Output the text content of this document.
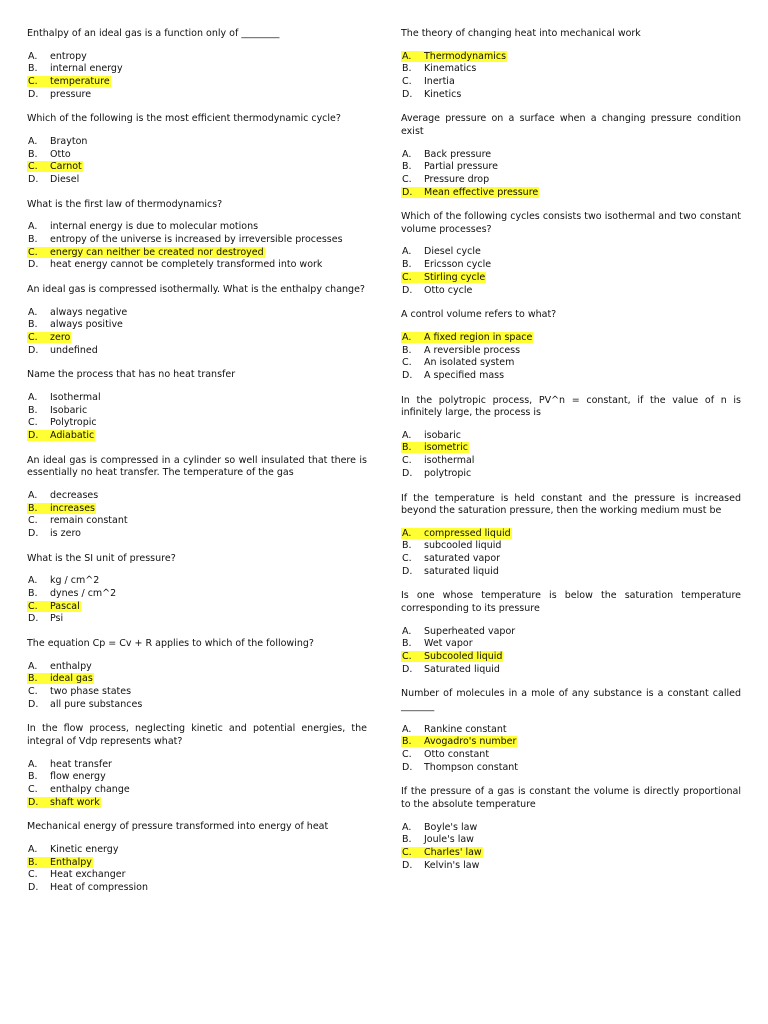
Enthalpy of an ideal gas is a function only of ________
A. entropy
B. internal energy
C. temperature
D. pressure
Which of the following is the most efficient thermodynamic cycle?
A. Brayton
B. Otto
C. Carnot
D. Diesel
What is the first law of thermodynamics?
A. internal energy is due to molecular motions
B. entropy of the universe is increased by irreversible processes
C. energy can neither be created nor destroyed
D. heat energy cannot be completely transformed into work
An ideal gas is compressed isothermally. What is the enthalpy change?
A. always negative
B. always positive
C. zero
D. undefined
Name the process that has no heat transfer
A. Isothermal
B. Isobaric
C. Polytropic
D. Adiabatic
An ideal gas is compressed in a cylinder so well insulated that there is essentially no heat transfer. The temperature of the gas
A. decreases
B. increases
C. remain constant
D. is zero
What is the SI unit of pressure?
A. kg / cm^2
B. dynes / cm^2
C. Pascal
D. Psi
The equation Cp = Cv + R applies to which of the following?
A. enthalpy
B. ideal gas
C. two phase states
D. all pure substances
In the flow process, neglecting kinetic and potential energies, the integral of Vdp represents what?
A. heat transfer
B. flow energy
C. enthalpy change
D. shaft work
Mechanical energy of pressure transformed into energy of heat
A. Kinetic energy
B. Enthalpy
C. Heat exchanger
D. Heat of compression
The theory of changing heat into mechanical work
A. Thermodynamics
B. Kinematics
C. Inertia
D. Kinetics
Average pressure on a surface when a changing pressure condition exist
A. Back pressure
B. Partial pressure
C. Pressure drop
D. Mean effective pressure
Which of the following cycles consists two isothermal and two constant volume processes?
A. Diesel cycle
B. Ericsson cycle
C. Stirling cycle
D. Otto cycle
A control volume refers to what?
A. A fixed region in space
B. A reversible process
C. An isolated system
D. A specified mass
In the polytropic process, PV^n = constant, if the value of n is infinitely large, the process is
A. isobaric
B. isometric
C. isothermal
D. polytropic
If the temperature is held constant and the pressure is increased beyond the saturation pressure, then the working medium must be
A. compressed liquid
B. subcooled liquid
C. saturated vapor
D. saturated liquid
Is one whose temperature is below the saturation temperature corresponding to its pressure
A. Superheated vapor
B. Wet vapor
C. Subcooled liquid
D. Saturated liquid
Number of molecules in a mole of any substance is a constant called _______
A. Rankine constant
B. Avogadro's number
C. Otto constant
D. Thompson constant
If the pressure of a gas is constant the volume is directly proportional to the absolute temperature
A. Boyle's law
B. Joule's law
C. Charles' law
D. Kelvin's law
